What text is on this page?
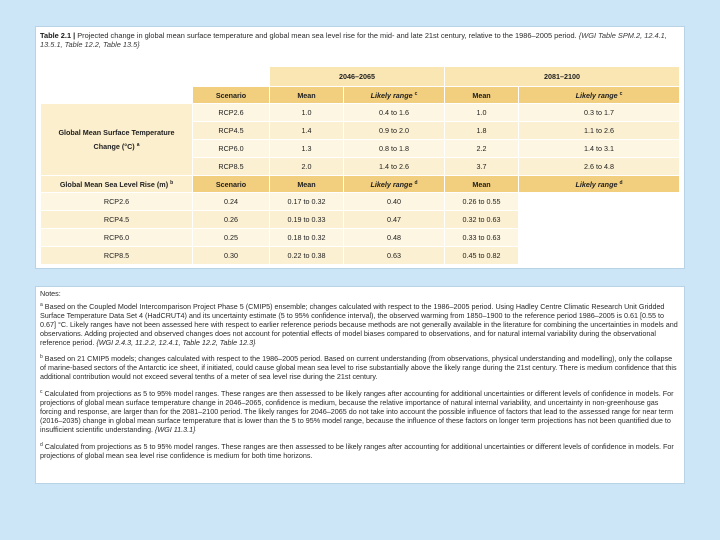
Table 2.1 | Projected change in global mean surface temperature and global mean sea level rise for the mid- and late 21st century, relative to the 1986–2005 period. {WGI Table SPM.2, 12.4.1, 13.5.1, Table 12.2, Table 13.5}
		2046–2065		2081–2100	
	Scenario	Mean	Likely range $^c$	Mean	Likely range $^c$
Global Mean Surface Temperature Change (°C) $^a$	RCP2.6	1.0	0.4 to 1.6	1.0	0.3 to 1.7
	RCP4.5	1.4	0.9 to 2.0	1.8	1.1 to 2.6
	RCP6.0	1.3	0.8 to 1.8	2.2	1.4 to 3.1
	RCP8.5	2.0	1.4 to 2.6	3.7	2.6 to 4.8
Global Mean Sea Level Rise (m) $^b$	Scenario	Mean	Likely range $^d$	Mean	Likely range $^d$
RCP2.6	0.24	0.17 to 0.32	0.40	0.26 to 0.55	
RCP4.5	0.26	0.19 to 0.33	0.47	0.32 to 0.63	
RCP6.0	0.25	0.18 to 0.32	0.48	0.33 to 0.63	
RCP8.5	0.30	0.22 to 0.38	0.63	0.45 to 0.82	
Notes:
$^a$ Based on the Coupled Model Intercomparison Project Phase 5 (CMIP5) ensemble; changes calculated with respect to the 1986–2005 period. Using Hadley Centre Climatic Research Unit Gridded Surface Temperature Data Set 4 (HadCRUT4) and its uncertainty estimate (5 to 95% confidence interval), the observed warming from 1850–1900 to the reference period 1986–2005 is 0.61 [0.55 to 0.67] °C. Likely ranges have not been assessed here with respect to earlier reference periods because methods are not generally available in the literature for combining the uncertainties in models and observations. Adding projected and observed changes does not account for potential effects of model biases compared to observations, and for natural internal variability during the observational reference period. {WGI 2.4.3, 11.2.2, 12.4.1, Table 12.2, Table 12.3}
$^b$ Based on 21 CMIP5 models; changes calculated with respect to the 1986–2005 period. Based on current understanding (from observations, physical understanding and modelling), only the collapse of marine-based sectors of the Antarctic ice sheet, if initiated, could cause global mean sea level to rise substantially above the likely range during the 21st century. There is medium confidence that this additional contribution would not exceed several tenths of a meter of sea level rise during the 21st century.
$^c$ Calculated from projections as 5 to 95% model ranges. These ranges are then assessed to be likely ranges after accounting for additional uncertainties or different levels of confidence in models. For projections of global mean surface temperature change in 2046–2065, confidence is medium, because the relative importance of natural internal variability, and uncertainty in non-greenhouse gas forcing and response, are larger than for the 2081–2100 period. The likely ranges for 2046–2065 do not take into account the possible influence of factors that lead to the assessed range for near term (2016–2035) change in global mean surface temperature that is lower than the 5 to 95% model range, because the influence of these factors on longer term projections has not been quantified due to insufficient scientific understanding. {WGI 11.3.1}
$^d$ Calculated from projections as 5 to 95% model ranges. These ranges are then assessed to be likely ranges after accounting for additional uncertainties or different levels of confidence in models. For projections of global mean sea level rise confidence is medium for both time horizons.
